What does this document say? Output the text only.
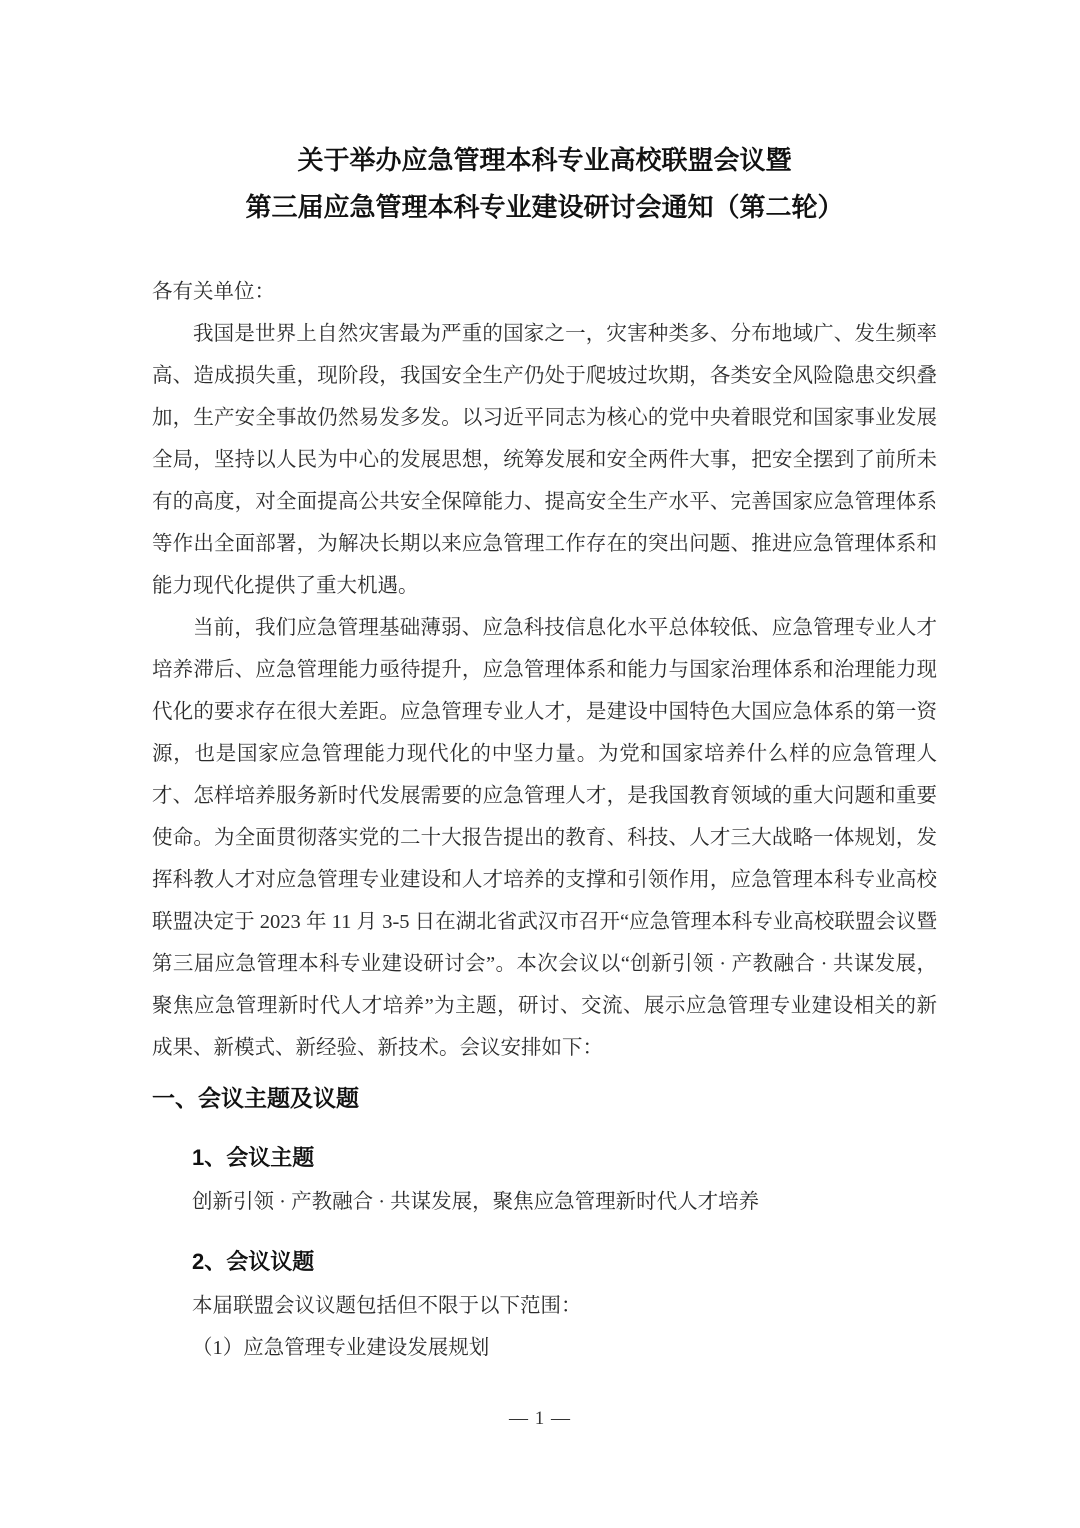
关于举办应急管理本科专业高校联盟会议暨
第三届应急管理本科专业建设研讨会通知（第二轮）

各有关单位：

我国是世界上自然灾害最为严重的国家之一，灾害种类多、分布地域广、发生频率高、造成损失重，现阶段，我国安全生产仍处于爬坡过坎期，各类安全风险隐患交织叠加，生产安全事故仍然易发多发。以习近平同志为核心的党中央着眼党和国家事业发展全局，坚持以人民为中心的发展思想，统筹发展和安全两件大事，把安全摆到了前所未有的高度，对全面提高公共安全保障能力、提高安全生产水平、完善国家应急管理体系等作出全面部署，为解决长期以来应急管理工作存在的突出问题、推进应急管理体系和能力现代化提供了重大机遇。

当前，我们应急管理基础薄弱、应急科技信息化水平总体较低、应急管理专业人才培养滞后、应急管理能力亟待提升，应急管理体系和能力与国家治理体系和治理能力现代化的要求存在很大差距。应急管理专业人才，是建设中国特色大国应急体系的第一资源，也是国家应急管理能力现代化的中坚力量。为党和国家培养什么样的应急管理人才、怎样培养服务新时代发展需要的应急管理人才，是我国教育领域的重大问题和重要使命。为全面贯彻落实党的二十大报告提出的教育、科技、人才三大战略一体规划，发挥科教人才对应急管理专业建设和人才培养的支撑和引领作用，应急管理本科专业高校联盟决定于 2023 年 11 月 3-5 日在湖北省武汉市召开“应急管理本科专业高校联盟会议暨第三届应急管理本科专业建设研讨会”。本次会议以“创新引领 · 产教融合 · 共谋发展，聚焦应急管理新时代人才培养”为主题，研讨、交流、展示应急管理专业建设相关的新成果、新模式、新经验、新技术。会议安排如下：

一、会议主题及议题
1、会议主题

创新引领 · 产教融合 · 共谋发展，聚焦应急管理新时代人才培养

2、会议议题

本届联盟会议议题包括但不限于以下范围：

（1）应急管理专业建设发展规划

— 1 —
